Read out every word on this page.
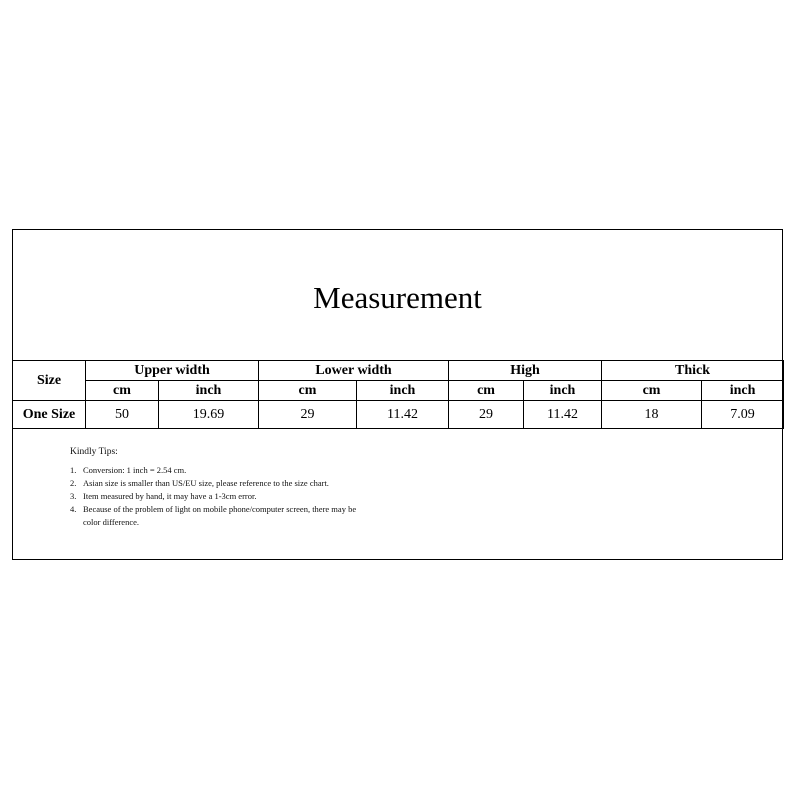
Measurement
Size	Upper width		Lower width		High		Thick	
	cm	inch	cm	inch	cm	inch	cm	inch
One Size	50	19.69	29	11.42	29	11.42	18	7.09
Kindly Tips:
1. Conversion: 1 inch = 2.54 cm.
2. Asian size is smaller than US/EU size, please reference to the size chart.
3. Item measured by hand, it may have a 1-3cm error.
4. Because of the problem of light on mobile phone/computer screen, there may be color difference.
